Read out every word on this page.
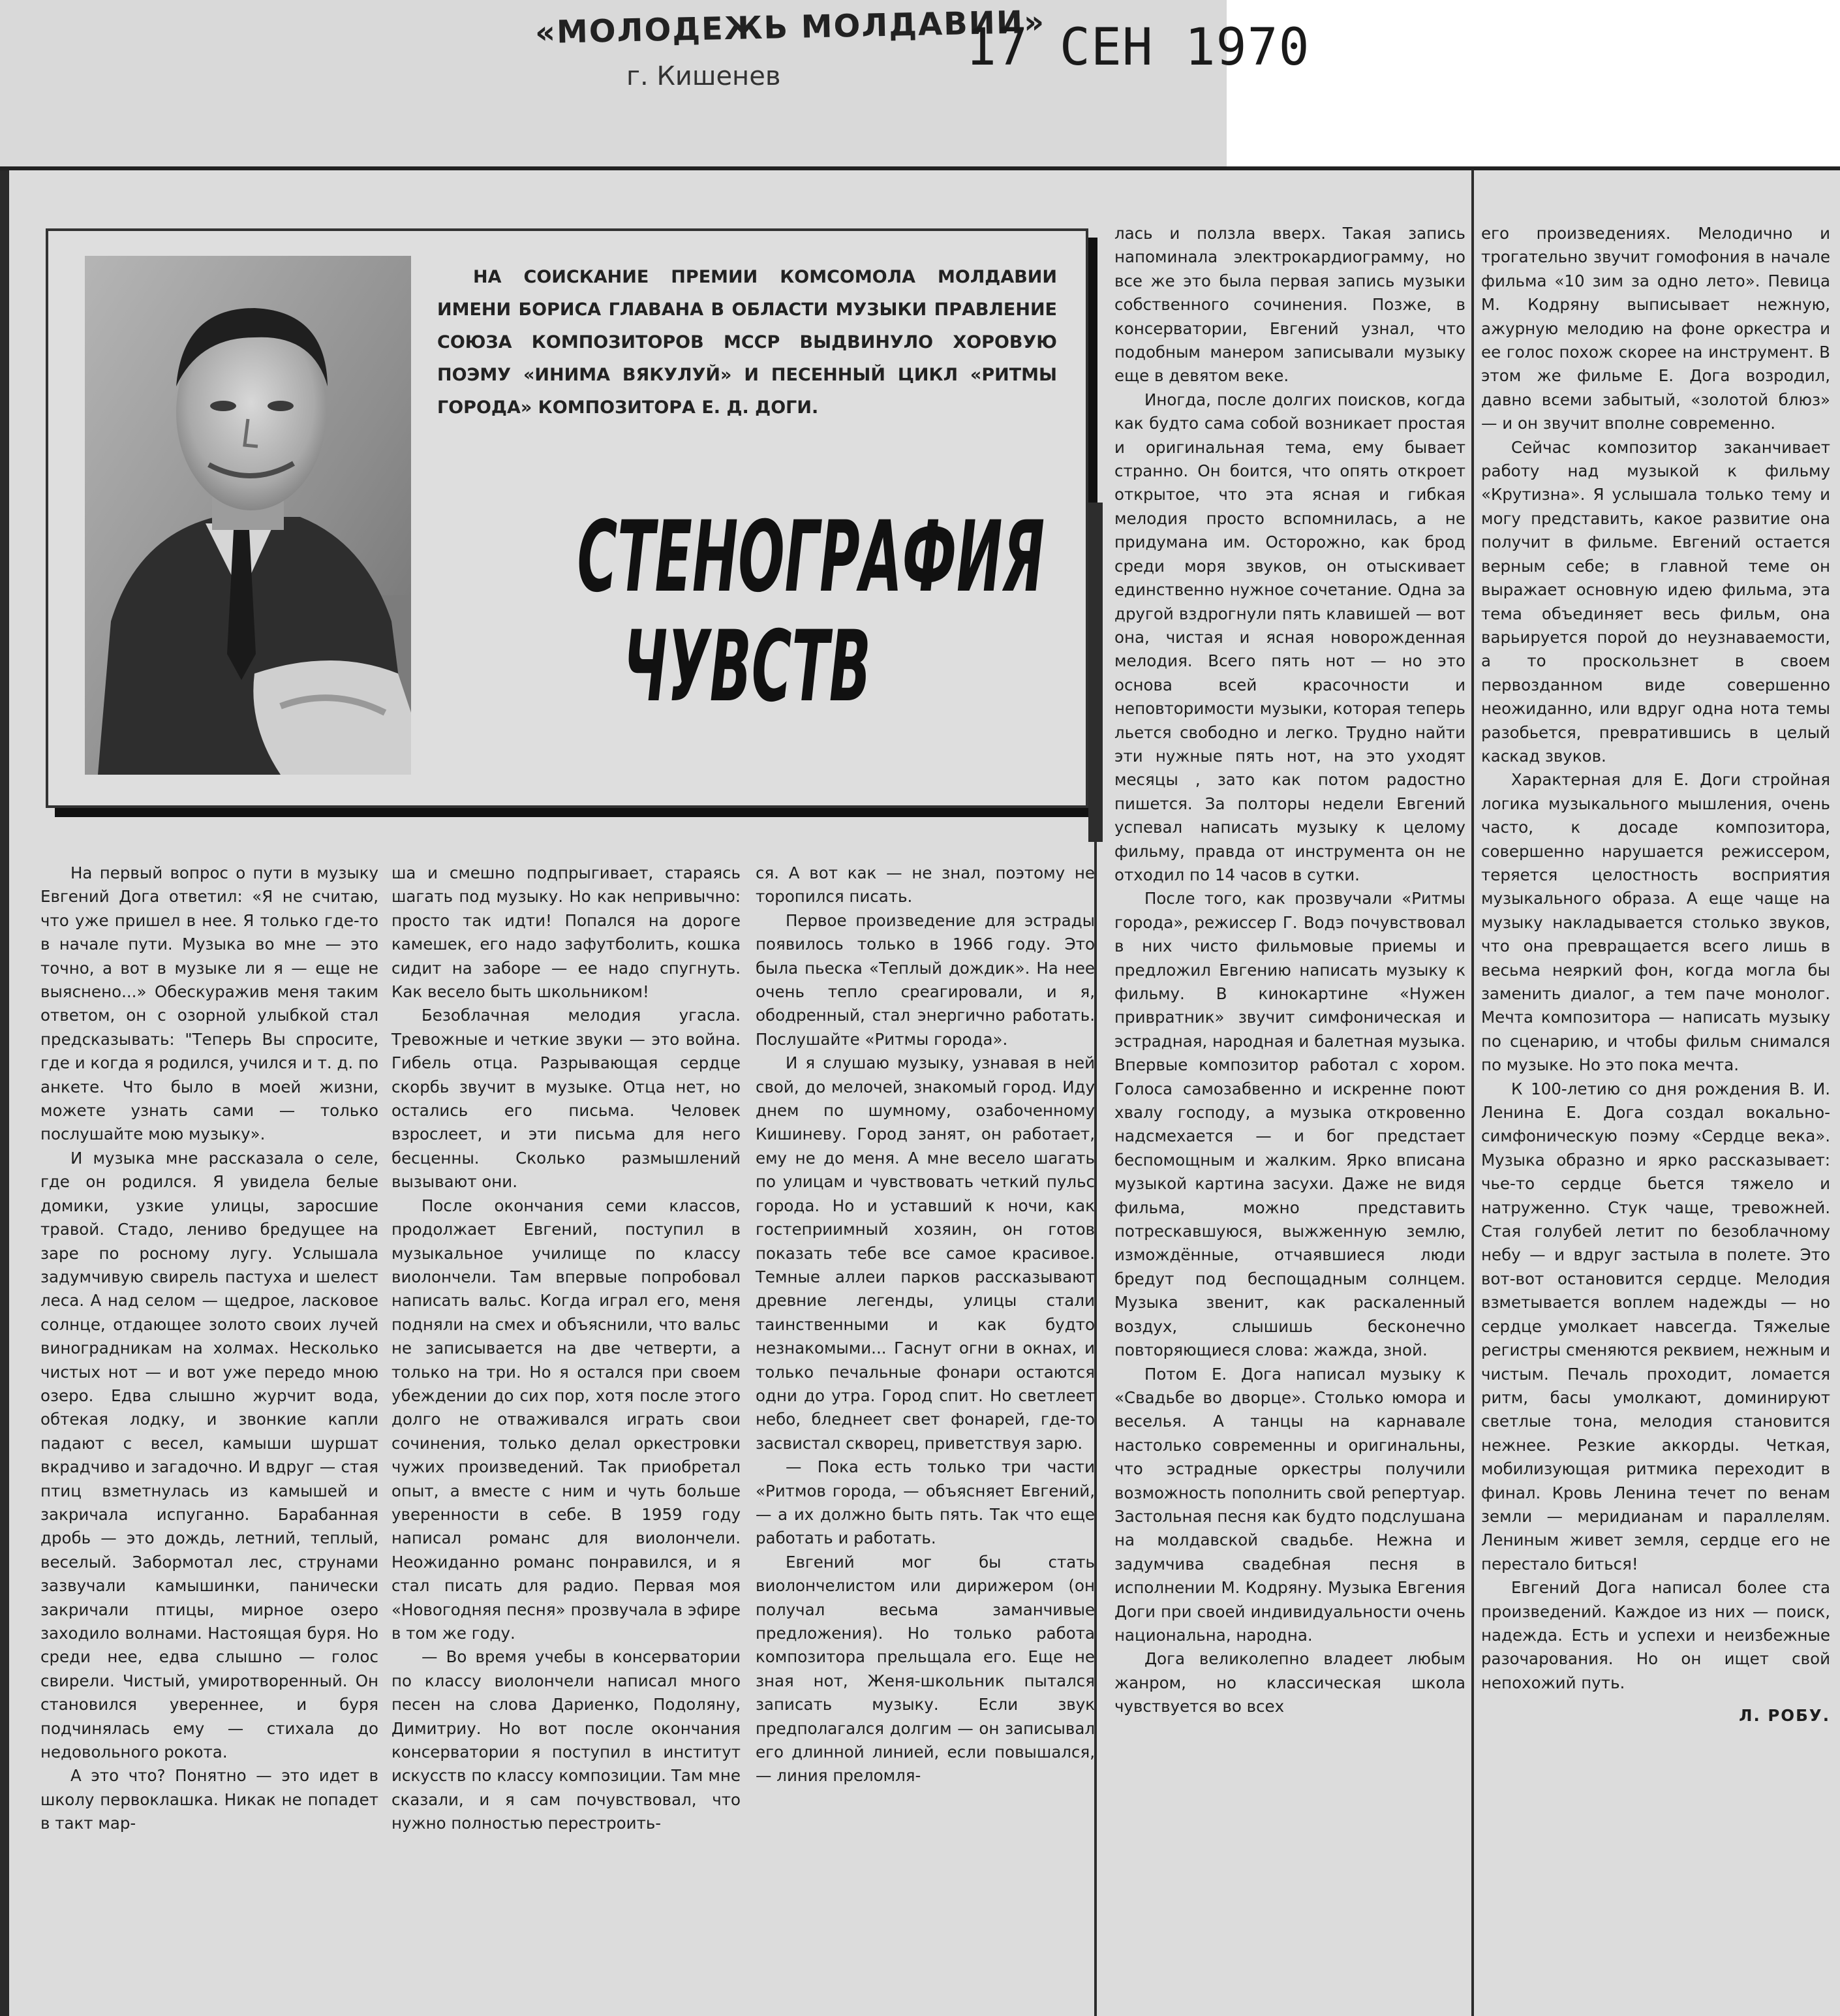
«МОЛОДЕЖЬ МОЛДАВИИ»
г. Кишенев	17 СЕН 1970

НА СОИСКАНИЕ ПРЕМИИ КОМСОМОЛА МОЛДАВИИ ИМЕНИ БОРИСА ГЛАВАНА В ОБЛАСТИ МУЗЫКИ ПРАВЛЕНИЕ СОЮЗА КОМПОЗИТОРОВ МССР ВЫДВИНУЛО ХОРОВУЮ ПОЭМУ «ИНИМА ВЯКУЛУЙ» И ПЕСЕННЫЙ ЦИКЛ «РИТМЫ ГОРОДА» КОМПОЗИТОРА Е. Д. ДОГИ.

СТЕНОГРАФИЯ
ЧУВСТВ

На первый вопрос о пути в музыку Евгений Дога ответил: «Я не считаю, что уже пришел в нее. Я только где-то в начале пути. Музыка во мне — это точно, а вот в музыке ли я — еще не выяснено...» Обескуражив меня таким ответом, он с озорной улыбкой стал предсказывать: "Теперь Вы спросите, где и когда я родился, учился и т. д. по анкете. Что было в моей жизни, можете узнать сами — только послушайте мою музыку».

И музыка мне рассказала о селе, где он родился. Я увидела белые домики, узкие улицы, заросшие травой. Стадо, лениво бредущее на заре по росному лугу. Услышала задумчивую свирель пастуха и шелест леса. А над селом — щедрое, ласковое солнце, отдающее золото своих лучей виноградникам на холмах. Несколько чистых нот — и вот уже передо мною озеро. Едва слышно журчит вода, обтекая лодку, и звонкие капли падают с весел, камыши шуршат вкрадчиво и загадочно. И вдруг — стая птиц взметнулась из камышей и закричала испуганно. Барабанная дробь — это дождь, летний, теплый, веселый. Забормотал лес, струнами зазвучали камышинки, панически закричали птицы, мирное озеро заходило волнами. Настоящая буря. Но среди нее, едва слышно — голос свирели. Чистый, умиротворенный. Он становился увереннее, и буря подчинялась ему — стихала до недовольного рокота.

А это что? Понятно — это идет в школу первоклашка. Никак не попадет в такт мар-

ша и смешно подпрыгивает, стараясь шагать под музыку. Но как непривычно: просто так идти! Попался на дороге камешек, его надо зафутболить, кошка сидит на заборе — ее надо спугнуть. Как весело быть школьником!

Безоблачная мелодия угасла. Тревожные и четкие звуки — это война. Гибель отца. Разрывающая сердце скорбь звучит в музыке. Отца нет, но остались его письма. Человек взрослеет, и эти письма для него бесценны. Сколько размышлений вызывают они.

После окончания семи классов, продолжает Евгений, поступил в музыкальное училище по классу виолончели. Там впервые попробовал написать вальс. Когда играл его, меня подняли на смех и объяснили, что вальс не записывается на две четверти, а только на три. Но я остался при своем убеждении до сих пор, хотя после этого долго не отваживался играть свои сочинения, только делал оркестровки чужих произведений. Так приобретал опыт, а вместе с ним и чуть больше уверенности в себе. В 1959 году написал романс для виолончели. Неожиданно романс понравился, и я стал писать для радио. Первая моя «Новогодняя песня» прозвучала в эфире в том же году.

— Во время учебы в консерватории по классу виолончели написал много песен на слова Дариенко, Подоляну, Димитриу. Но вот после окончания консерватории я поступил в институт искусств по классу композиции. Там мне сказали, и я сам почувствовал, что нужно полностью перестроить-

ся. А вот как — не знал, поэтому не торопился писать.

Первое произведение для эстрады появилось только в 1966 году. Это была пьеска «Теплый дождик». На нее очень тепло среагировали, и я, ободренный, стал энергично работать. Послушайте «Ритмы города».

И я слушаю музыку, узнавая в ней свой, до мелочей, знакомый город. Иду днем по шумному, озабоченному Кишиневу. Город занят, он работает, ему не до меня. А мне весело шагать по улицам и чувствовать четкий пульс города. Но и уставший к ночи, как гостеприимный хозяин, он готов показать тебе все самое красивое. Темные аллеи парков рассказывают древние легенды, улицы стали таинственными и как будто незнакомыми... Гаснут огни в окнах, и только печальные фонари остаются одни до утра. Город спит. Но светлеет небо, бледнеет свет фонарей, где-то засвистал скворец, приветствуя зарю.

— Пока есть только три части «Ритмов города, — объясняет Евгений, — а их должно быть пять. Так что еще работать и работать.

Евгений мог бы стать виолончелистом или дирижером (он получал весьма заманчивые предложения). Но только работа композитора прельщала его. Еще не зная нот, Женя-школьник пытался записать музыку. Если звук предполагался долгим — он записывал его длинной линией, если повышался, — линия преломля-

лась и ползла вверх. Такая запись напоминала электрокардиограмму, но все же это была первая запись музыки собственного сочинения. Позже, в консерватории, Евгений узнал, что подобным манером записывали музыку еще в девятом веке.

Иногда, после долгих поисков, когда как будто сама собой возникает простая и оригинальная тема, ему бывает странно. Он боится, что опять откроет открытое, что эта ясная и гибкая мелодия просто вспомнилась, а не придумана им. Осторожно, как брод среди моря звуков, он отыскивает единственно нужное сочетание. Одна за другой вздрогнули пять клавишей — вот она, чистая и ясная новорожденная мелодия. Всего пять нот — но это основа всей красочности и неповторимости музыки, которая теперь льется свободно и легко. Трудно найти эти нужные пять нот, на это уходят месяцы , зато как потом радостно пишется. За полторы недели Евгений успевал написать музыку к целому фильму, правда от инструмента он не отходил по 14 часов в сутки.

После того, как прозвучали «Ритмы города», режиссер Г. Водэ почувствовал в них чисто фильмовые приемы и предложил Евгению написать музыку к фильму. В кинокартине «Нужен привратник» звучит симфоническая и эстрадная, народная и балетная музыка. Впервые композитор работал с хором. Голоса самозабвенно и искренне поют хвалу господу, а музыка откровенно надсмехается — и бог предстает беспомощным и жалким. Ярко вписана музыкой картина засухи. Даже не видя фильма, можно представить потрескавшуюся, выжженную землю, измождённые, отчаявшиеся люди бредут под беспощадным солнцем. Музыка звенит, как раскаленный воздух, слышишь бесконечно повторяющиеся слова: жажда, зной.

Потом Е. Дога написал музыку к «Свадьбе во дворце». Столько юмора и веселья. А танцы на карнавале настолько современны и оригинальны, что эстрадные оркестры получили возможность пополнить свой репертуар. Застольная песня как будто подслушана на молдавской свадьбе. Нежна и задумчива свадебная песня в исполнении М. Кодряну. Музыка Евгения Доги при своей индивидуальности очень национальна, народна.

Дога великолепно владеет любым жанром, но классическая школа чувствуется во всех

его произведениях. Мелодично и трогательно звучит гомофония в начале фильма «10 зим за одно лето». Певица М. Кодряну выписывает нежную, ажурную мелодию на фоне оркестра и ее голос похож скорее на инструмент. В этом же фильме Е. Дога возродил, давно всеми забытый, «золотой блюз» — и он звучит вполне современно.

Сейчас композитор заканчивает работу над музыкой к фильму «Крутизна». Я услышала только тему и могу представить, какое развитие она получит в фильме. Евгений остается верным себе; в главной теме он выражает основную идею фильма, эта тема объединяет весь фильм, она варьируется порой до неузнаваемости, а то проскользнет в своем первозданном виде совершенно неожиданно, или вдруг одна нота темы разобьется, превратившись в целый каскад звуков.

Характерная для Е. Доги стройная логика музыкального мышления, очень часто, к досаде композитора, совершенно нарушается режиссером, теряется целостность восприятия музыкального образа. А еще чаще на музыку накладывается столько звуков, что она превращается всего лишь в весьма неяркий фон, когда могла бы заменить диалог, а тем паче монолог. Мечта композитора — написать музыку по сценарию, и чтобы фильм снимался по музыке. Но это пока мечта.

К 100-летию со дня рождения В. И. Ленина Е. Дога создал вокально-симфоническую поэму «Сердце века». Музыка образно и ярко рассказывает: чье-то сердце бьется тяжело и натруженно. Стук чаще, тревожней. Стая голубей летит по безоблачному небу — и вдруг застыла в полете. Это вот-вот остановится сердце. Мелодия взметывается воплем надежды — но сердце умолкает навсегда. Тяжелые регистры сменяются реквием, нежным и чистым. Печаль проходит, ломается ритм, басы умолкают, доминируют светлые тона, мелодия становится нежнее. Резкие аккорды. Четкая, мобилизующая ритмика переходит в финал. Кровь Ленина течет по венам земли — меридианам и параллелям. Лениным живет земля, сердце его не перестало биться!

Евгений Дога написал более ста произведений. Каждое из них — поиск, надежда. Есть и успехи и неизбежные разочарования. Но он ищет свой непохожий путь.

Л. РОБУ.
